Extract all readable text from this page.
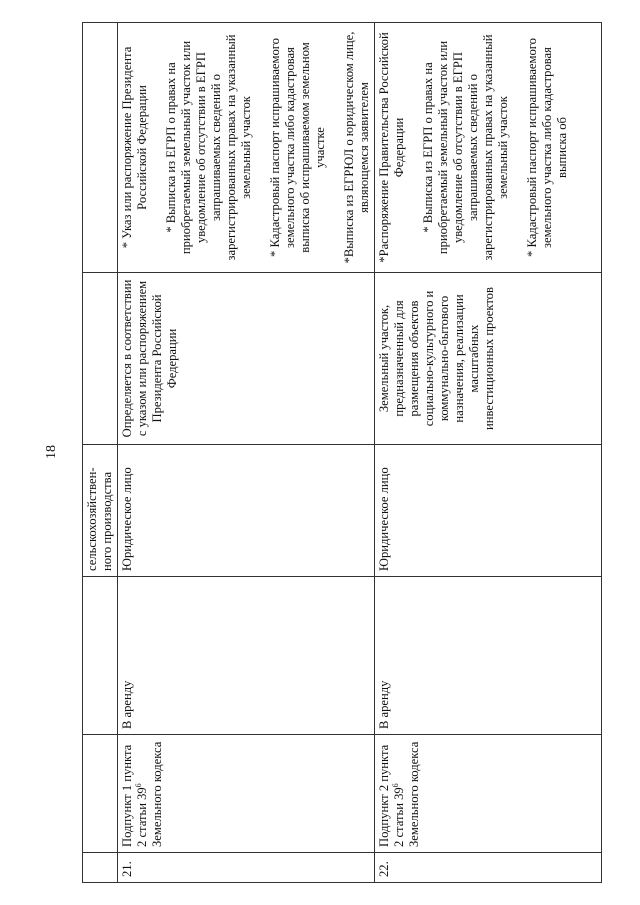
18
			сельскохозяйствен-ного производства		
21.	Подпункт 1 пункта 2 статьи $39^6$ Земельного кодекса	В аренду	Юридическое лицо	Определяется в соответствии с указом или распоряжением Президента Российской Федерации	* Указ или распоряжение Президента Российской Федерации * Выписка из ЕГРП о правах на приобретаемый земельный участок или уведомление об отсутствии в ЕГРП запрашиваемых сведений о зарегистрированных правах на указанный земельный участок * Кадастровый паспорт испрашиваемого земельного участка либо кадастровая выписка об испрашиваемом земельном участке *Выписка из ЕГРЮЛ о юридическом лице, являющемся заявителем

22.	Подпункт 2 пункта 2 статьи $39^6$ Земельного кодекса	В аренду	Юридическое лицо	Земельный участок, предназначенный для размещения объектов социально-культурного и коммунально-бытового назначения, реализации масштабных инвестиционных проектов	*Распоряжение Правительства Российской Федерации * Выписка из ЕГРП о правах на приобретаемый земельный участок или уведомление об отсутствии в ЕГРП запрашиваемых сведений о зарегистрированных правах на указанный земельный участок * Кадастровый паспорт испрашиваемого земельного участка либо кадастровая выписка об
